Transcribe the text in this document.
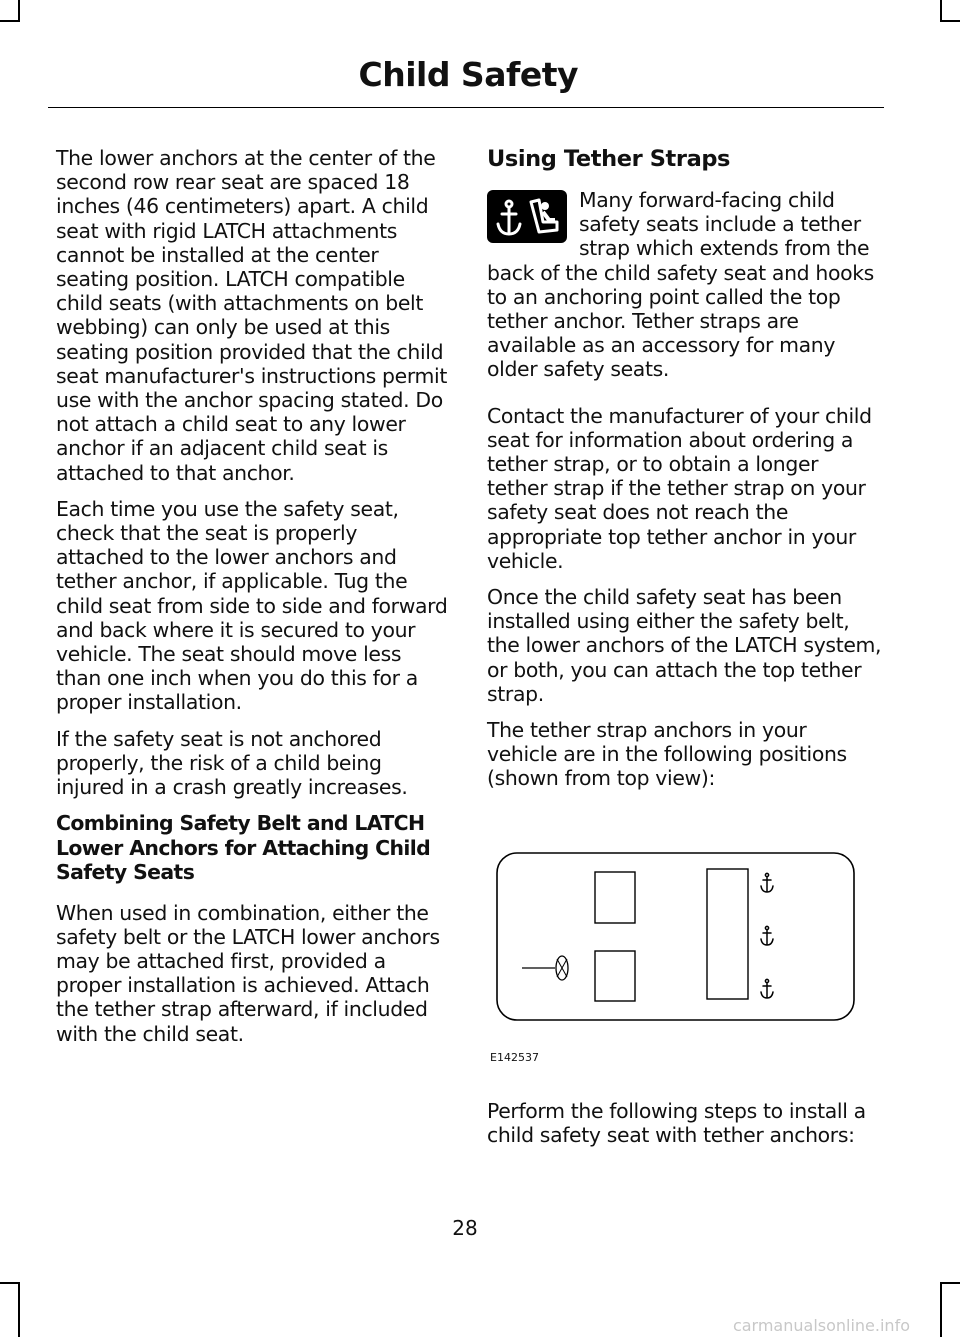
Child Safety

The lower anchors at the center of the second row rear seat are spaced 18 inches (46 centimeters) apart. A child seat with rigid LATCH attachments cannot be installed at the center seating position. LATCH compatible child seats (with attachments on belt webbing) can only be used at this seating position provided that the child seat manufacturer's instructions permit use with the anchor spacing stated. Do not attach a child seat to any lower anchor if an adjacent child seat is attached to that anchor.

Each time you use the safety seat, check that the seat is properly attached to the lower anchors and tether anchor, if applicable. Tug the child seat from side to side and forward and back where it is secured to your vehicle. The seat should move less than one inch when you do this for a proper installation.

If the safety seat is not anchored properly, the risk of a child being injured in a crash greatly increases.

Combining Safety Belt and LATCH Lower Anchors for Attaching Child Safety Seats

When used in combination, either the safety belt or the LATCH lower anchors may be attached first, provided a proper installation is achieved. Attach the tether strap afterward, if included with the child seat.

Using Tether Straps

Many forward-facing child safety seats include a tether strap which extends from the back of the child safety seat and hooks to an anchoring point called the top tether anchor. Tether straps are available as an accessory for many older safety seats.

Contact the manufacturer of your child seat for information about ordering a tether strap, or to obtain a longer tether strap if the tether strap on your safety seat does not reach the appropriate top tether anchor in your vehicle.

Once the child safety seat has been installed using either the safety belt, the lower anchors of the LATCH system, or both, you can attach the top tether strap.

The tether strap anchors in your vehicle are in the following positions (shown from top view):

E142537

Perform the following steps to install a child safety seat with tether anchors:

28
carmanualsonline.info
